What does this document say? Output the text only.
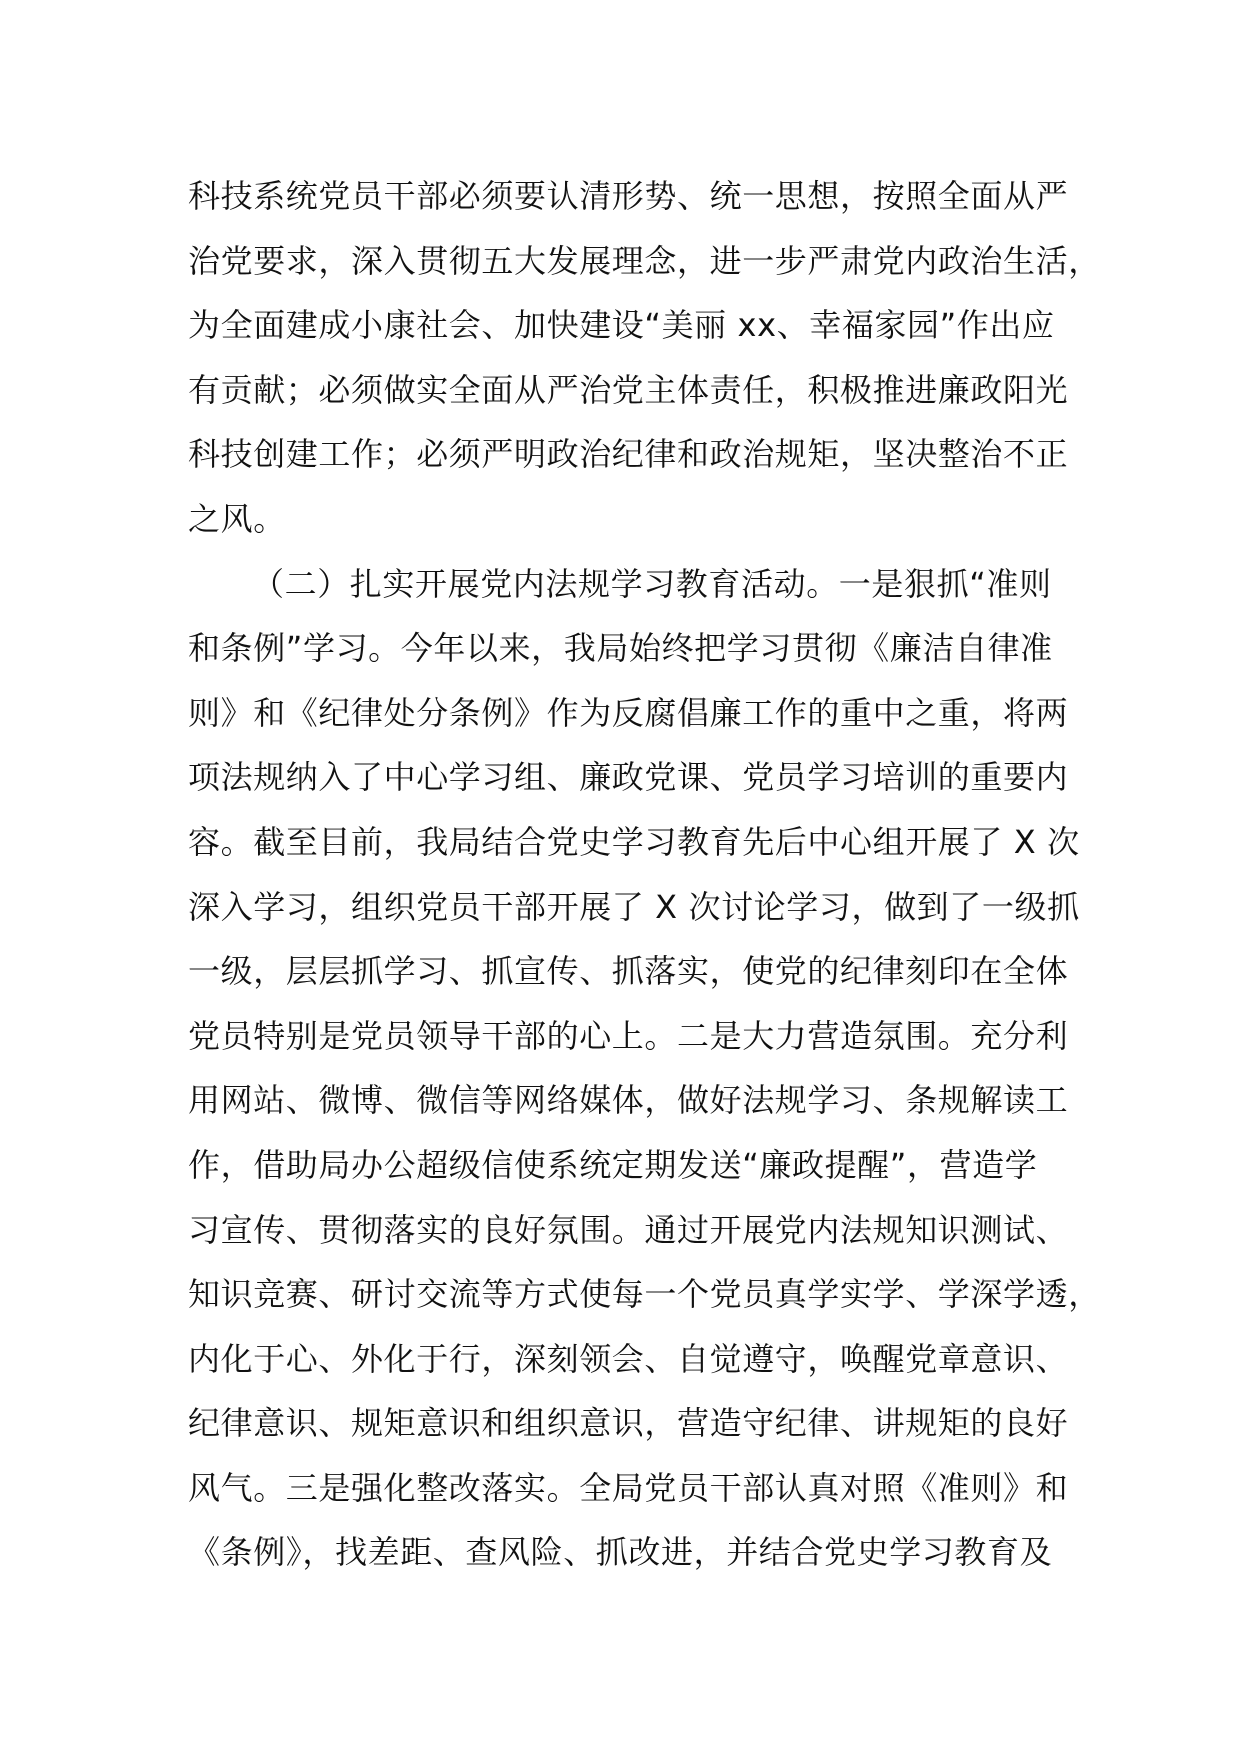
科技系统党员干部必须要认清形势、统一思想，按照全面从严
治党要求，深入贯彻五大发展理念，进一步严肃党内政治生活，
为全面建成小康社会、加快建设“美丽 xx、幸福家园”作出应
有贡献；必须做实全面从严治党主体责任，积极推进廉政阳光
科技创建工作；必须严明政治纪律和政治规矩，坚决整治不正
之风。
（二）扎实开展党内法规学习教育活动。一是狠抓“准则
和条例”学习。今年以来，我局始终把学习贯彻《廉洁自律准
则》和《纪律处分条例》作为反腐倡廉工作的重中之重，将两
项法规纳入了中心学习组、廉政党课、党员学习培训的重要内
容。截至目前，我局结合党史学习教育先后中心组开展了 X 次
深入学习，组织党员干部开展了 X 次讨论学习，做到了一级抓
一级，层层抓学习、抓宣传、抓落实，使党的纪律刻印在全体
党员特别是党员领导干部的心上。二是大力营造氛围。充分利
用网站、微博、微信等网络媒体，做好法规学习、条规解读工
作，借助局办公超级信使系统定期发送“廉政提醒”，营造学
习宣传、贯彻落实的良好氛围。通过开展党内法规知识测试、
知识竞赛、研讨交流等方式使每一个党员真学实学、学深学透，
内化于心、外化于行，深刻领会、自觉遵守，唤醒党章意识、
纪律意识、规矩意识和组织意识，营造守纪律、讲规矩的良好
风气。三是强化整改落实。全局党员干部认真对照《准则》和
《条例》，找差距、查风险、抓改进，并结合党史学习教育及
